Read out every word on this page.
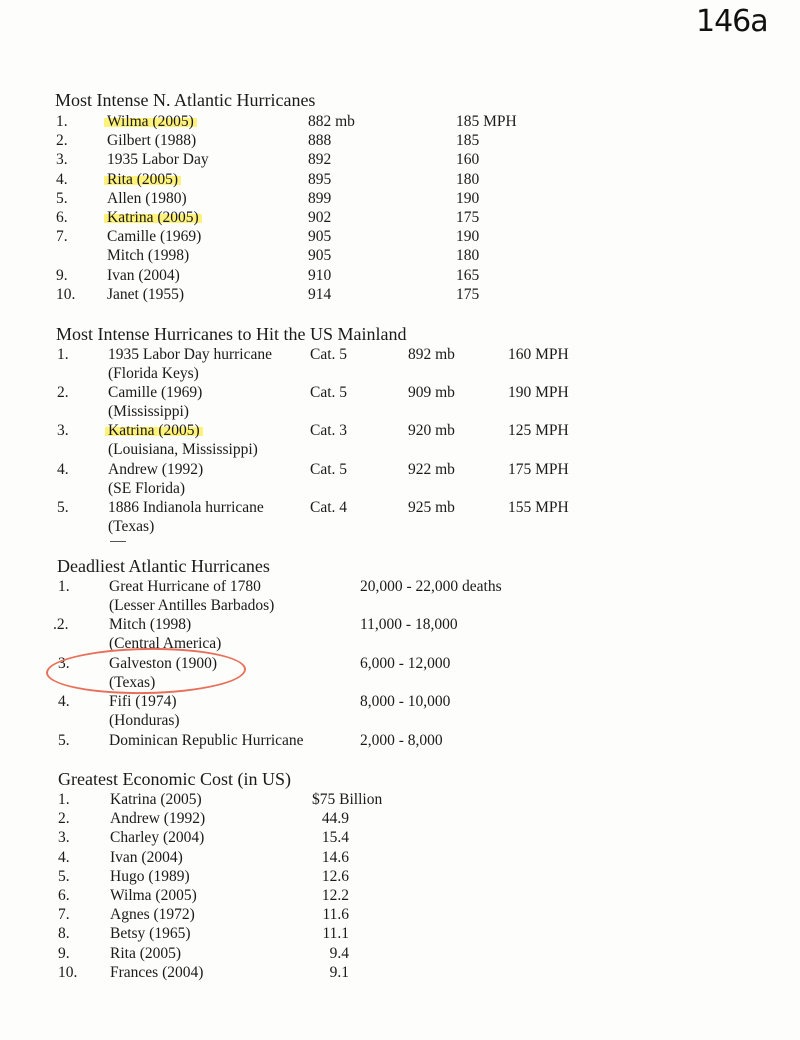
146a
Most Intense N. Atlantic Hurricanes
1.	Wilma (2005)	882 mb	185 MPH
2.	Gilbert (1988)	888	185
3.	1935 Labor Day	892	160
4.	Rita (2005)	895	180
5.	Allen (1980)	899	190
6.	Katrina (2005)	902	175
7.	Camille (1969)	905	190
Mitch (1998)	905	180
9.	Ivan (2004)	910	165
10. Janet (1955)	914	175
Most Intense Hurricanes to Hit the US Mainland
1.	1935 Labor Day hurricane
(Florida Keys)
Cat. 5	892 mb	160 MPH
2.	Camille (1969)
(Mississippi)
Cat. 5	909 mb	190 MPH
3.	Katrina (2005)
(Louisiana, Mississippi)
Cat. 3	920 mb	125 MPH
4.	Andrew (1992)
(SE Florida)
Cat. 5	922 mb	175 MPH
5.	1886 Indianola hurricane
(Texas)
Cat. 4	925 mb	155 MPH
Deadliest Atlantic Hurricanes
1.	Great Hurricane of 1780
(Lesser Antilles Barbados)
20,000 - 22,000 deaths
.2.	Mitch (1998)
(Central America)
11,000 - 18,000
3.	Galveston (1900)
(Texas)
6,000 - 12,000
4.	Fifi (1974)
(Honduras)
8,000 - 10,000
5.	Dominican Republic Hurricane	2,000 - 8,000
Greatest Economic Cost (in US)
1.	Katrina (2005)	$75 Billion
2.	Andrew (1992)	44.9
3.	Charley (2004)	15.4
4.	Ivan (2004)	14.6
5.	Hugo (1989)	12.6
6.	Wilma (2005)	12.2
7.	Agnes (1972)	11.6
8.	Betsy (1965)	11.1
9.	Rita (2005)	9.4
10. Frances (2004)	9.1
